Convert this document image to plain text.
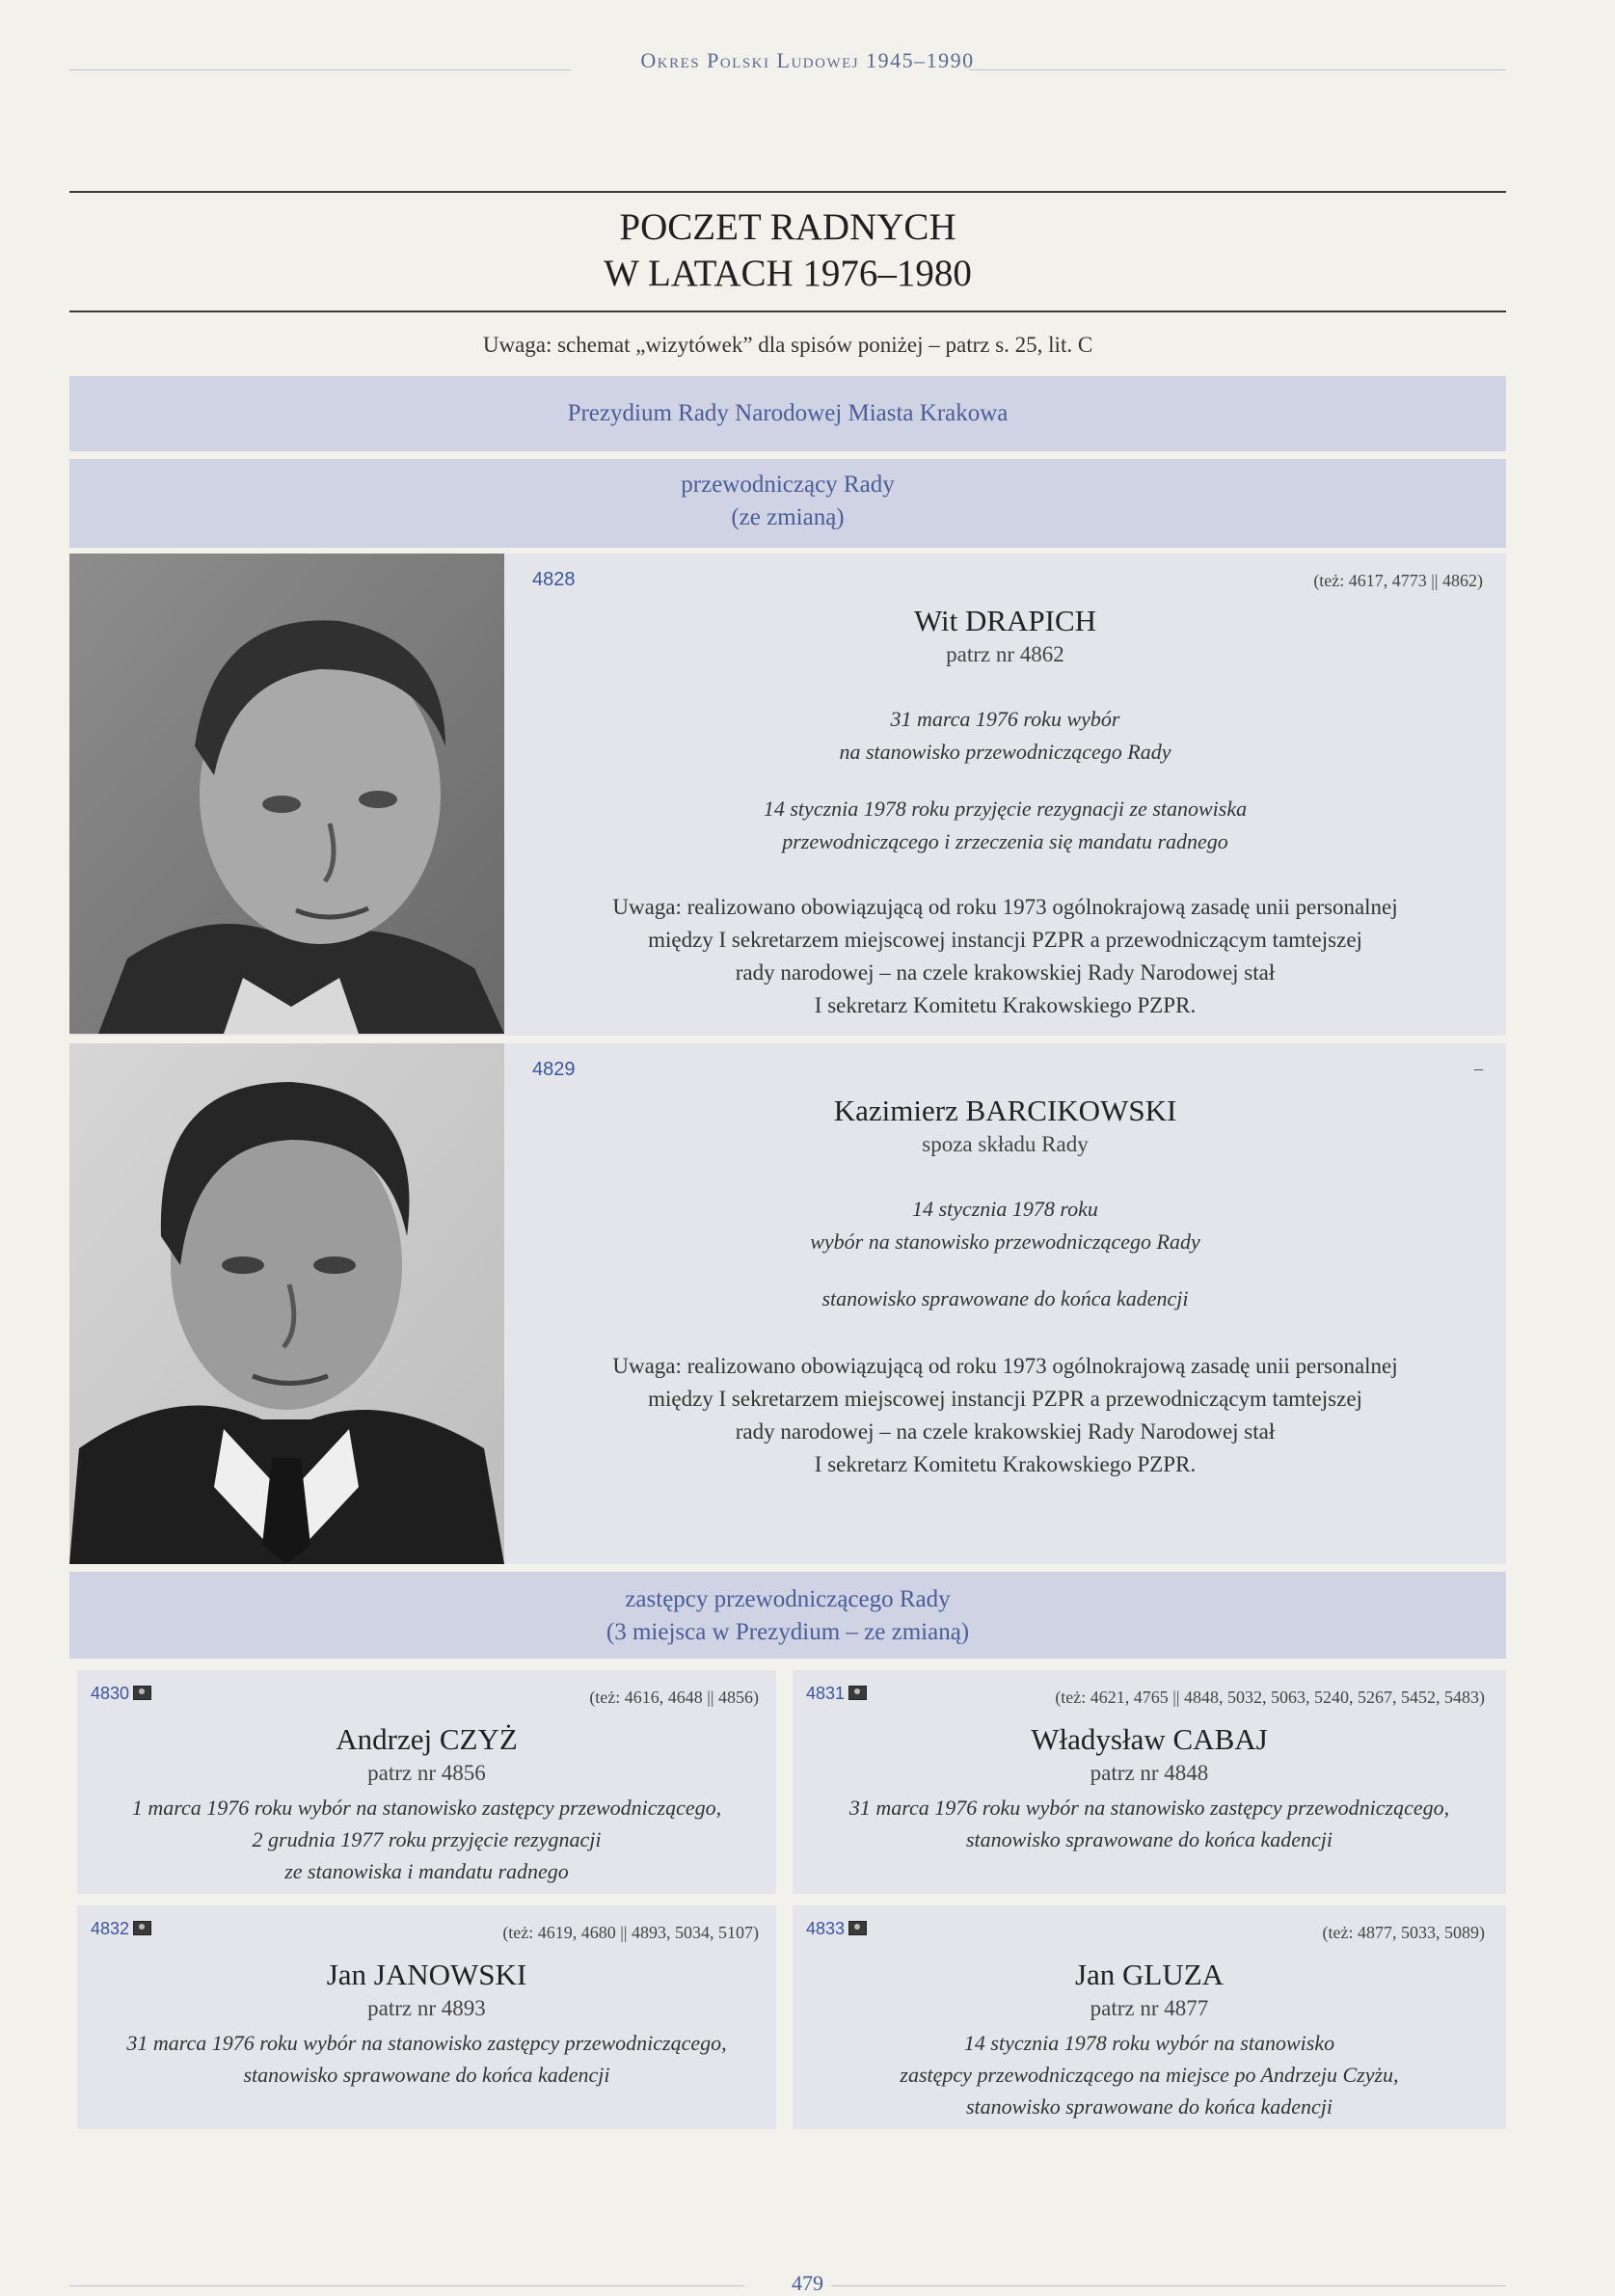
Okres Polski Ludowej 1945–1990
POCZET RADNYCH
W LATACH 1976–1980
Uwaga: schemat „wizytówek” dla spisów poniżej – patrz s. 25, lit. C
Prezydium Rady Narodowej Miasta Krakowa
przewodniczący Rady
(ze zmianą)
4828	(też: 4617, 4773 || 4862)
Wit DRAPICH
patrz nr 4862
31 marca 1976 roku wybór
na stanowisko przewodniczącego Rady
14 stycznia 1978 roku przyjęcie rezygnacji ze stanowiska
przewodniczącego i zrzeczenia się mandatu radnego
Uwaga: realizowano obowiązującą od roku 1973 ogólnokrajową zasadę unii personalnej
między I sekretarzem miejscowej instancji PZPR a przewodniczącym tamtejszej
rady narodowej – na czele krakowskiej Rady Narodowej stał
I sekretarz Komitetu Krakowskiego PZPR.
4829	–
Kazimierz BARCIKOWSKI
spoza składu Rady
14 stycznia 1978 roku
wybór na stanowisko przewodniczącego Rady
stanowisko sprawowane do końca kadencji
Uwaga: realizowano obowiązującą od roku 1973 ogólnokrajową zasadę unii personalnej
między I sekretarzem miejscowej instancji PZPR a przewodniczącym tamtejszej
rady narodowej – na czele krakowskiej Rady Narodowej stał
I sekretarz Komitetu Krakowskiego PZPR.
zastępcy przewodniczącego Rady
(3 miejsca w Prezydium – ze zmianą)
4830	(też: 4616, 4648 || 4856)
Andrzej CZYŻ
patrz nr 4856
1 marca 1976 roku wybór na stanowisko zastępcy przewodniczącego,
2 grudnia 1977 roku przyjęcie rezygnacji
ze stanowiska i mandatu radnego
4831	(też: 4621, 4765 || 4848, 5032, 5063, 5240, 5267, 5452, 5483)
Władysław CABAJ
patrz nr 4848
31 marca 1976 roku wybór na stanowisko zastępcy przewodniczącego,
stanowisko sprawowane do końca kadencji
4832	(też: 4619, 4680 || 4893, 5034, 5107)
Jan JANOWSKI
patrz nr 4893
31 marca 1976 roku wybór na stanowisko zastępcy przewodniczącego,
stanowisko sprawowane do końca kadencji
4833	(też: 4877, 5033, 5089)
Jan GLUZA
patrz nr 4877
14 stycznia 1978 roku wybór na stanowisko
zastępcy przewodniczącego na miejsce po Andrzeju Czyżu,
stanowisko sprawowane do końca kadencji
479
